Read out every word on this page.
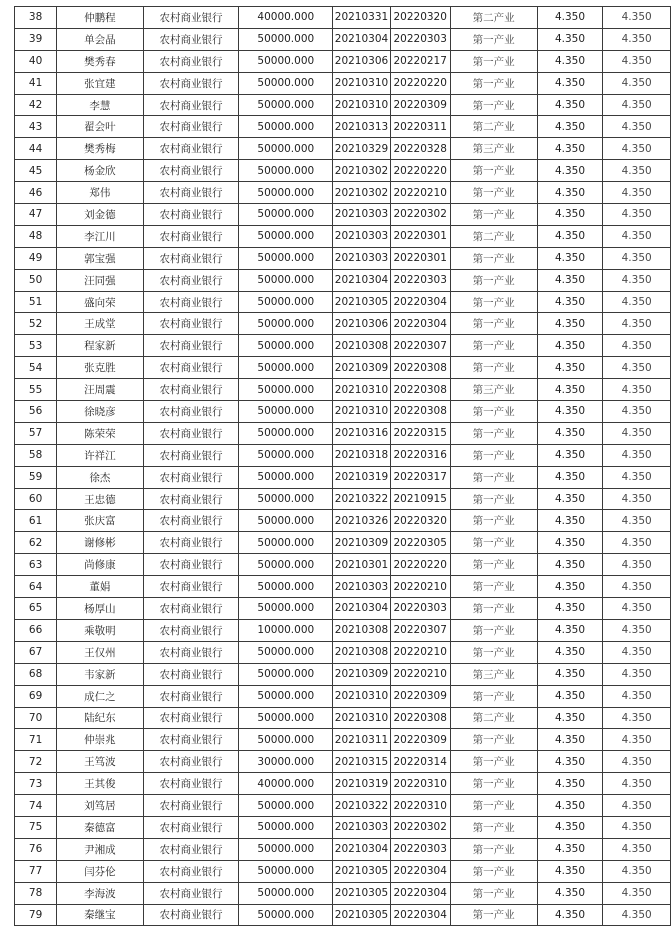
38	仲鹏程	农村商业银行	40000.000	20210331	20220320	第二产业	4.350	4.350
39	单会晶	农村商业银行	50000.000	20210304	20220303	第一产业	4.350	4.350
40	樊秀春	农村商业银行	50000.000	20210306	20220217	第一产业	4.350	4.350
41	张宜建	农村商业银行	50000.000	20210310	20220220	第一产业	4.350	4.350
42	李慧	农村商业银行	50000.000	20210310	20220309	第一产业	4.350	4.350
43	翟会叶	农村商业银行	50000.000	20210313	20220311	第二产业	4.350	4.350
44	樊秀梅	农村商业银行	50000.000	20210329	20220328	第三产业	4.350	4.350
45	杨金欣	农村商业银行	50000.000	20210302	20220220	第一产业	4.350	4.350
46	郑伟	农村商业银行	50000.000	20210302	20220210	第一产业	4.350	4.350
47	刘金德	农村商业银行	50000.000	20210303	20220302	第一产业	4.350	4.350
48	李江川	农村商业银行	50000.000	20210303	20220301	第二产业	4.350	4.350
49	郭宝强	农村商业银行	50000.000	20210303	20220301	第一产业	4.350	4.350
50	汪同强	农村商业银行	50000.000	20210304	20220303	第一产业	4.350	4.350
51	盛向荣	农村商业银行	50000.000	20210305	20220304	第一产业	4.350	4.350
52	王成堂	农村商业银行	50000.000	20210306	20220304	第一产业	4.350	4.350
53	程家新	农村商业银行	50000.000	20210308	20220307	第一产业	4.350	4.350
54	张克胜	农村商业银行	50000.000	20210309	20220308	第一产业	4.350	4.350
55	汪周震	农村商业银行	50000.000	20210310	20220308	第三产业	4.350	4.350
56	徐晓彦	农村商业银行	50000.000	20210310	20220308	第一产业	4.350	4.350
57	陈荣荣	农村商业银行	50000.000	20210316	20220315	第一产业	4.350	4.350
58	许祥江	农村商业银行	50000.000	20210318	20220316	第一产业	4.350	4.350
59	徐杰	农村商业银行	50000.000	20210319	20220317	第一产业	4.350	4.350
60	王忠德	农村商业银行	50000.000	20210322	20210915	第一产业	4.350	4.350
61	张庆富	农村商业银行	50000.000	20210326	20220320	第一产业	4.350	4.350
62	谢修彬	农村商业银行	50000.000	20210309	20220305	第一产业	4.350	4.350
63	尚修康	农村商业银行	50000.000	20210301	20220220	第一产业	4.350	4.350
64	董娟	农村商业银行	50000.000	20210303	20220210	第一产业	4.350	4.350
65	杨厚山	农村商业银行	50000.000	20210304	20220303	第一产业	4.350	4.350
66	乘敬明	农村商业银行	10000.000	20210308	20220307	第一产业	4.350	4.350
67	王仅州	农村商业银行	50000.000	20210308	20220210	第一产业	4.350	4.350
68	韦家新	农村商业银行	50000.000	20210309	20220210	第三产业	4.350	4.350
69	成仁之	农村商业银行	50000.000	20210310	20220309	第一产业	4.350	4.350
70	陆纪东	农村商业银行	50000.000	20210310	20220308	第二产业	4.350	4.350
71	仲崇兆	农村商业银行	50000.000	20210311	20220309	第一产业	4.350	4.350
72	王笃波	农村商业银行	30000.000	20210315	20220314	第一产业	4.350	4.350
73	王其俊	农村商业银行	40000.000	20210319	20220310	第一产业	4.350	4.350
74	刘笃居	农村商业银行	50000.000	20210322	20220310	第一产业	4.350	4.350
75	秦德富	农村商业银行	50000.000	20210303	20220302	第一产业	4.350	4.350
76	尹湘成	农村商业银行	50000.000	20210304	20220303	第一产业	4.350	4.350
77	闫芬伦	农村商业银行	50000.000	20210305	20220304	第一产业	4.350	4.350
78	李海波	农村商业银行	50000.000	20210305	20220304	第一产业	4.350	4.350
79	秦继宝	农村商业银行	50000.000	20210305	20220304	第一产业	4.350	4.350
